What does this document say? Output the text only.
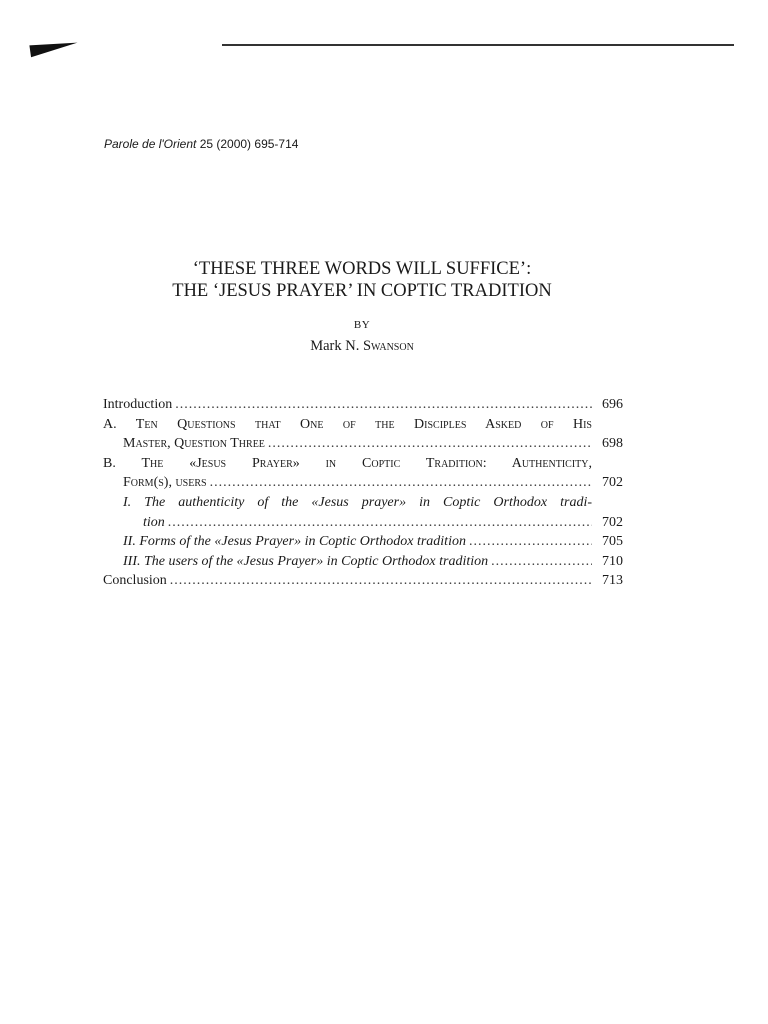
Parole de l'Orient 25 (2000) 695-714
‘THESE THREE WORDS WILL SUFFICE’:
THE ‘JESUS PRAYER’ IN COPTIC TRADITION
BY
Mark N. Swanson
Introduction .....	696
A. Ten Questions that One of the Disciples Asked of His
Master, Question Three .....	698
B. The «Jesus Prayer» in Coptic Tradition: Authenticity,
Form(s), users .....	702
I. The authenticity of the «Jesus prayer» in Coptic Orthodox tradi-
tion .....	702
II. Forms of the «Jesus Prayer» in Coptic Orthodox tradition .....	705
III. The users of the «Jesus Prayer» in Coptic Orthodox tradition .....	710
Conclusion .....	713
